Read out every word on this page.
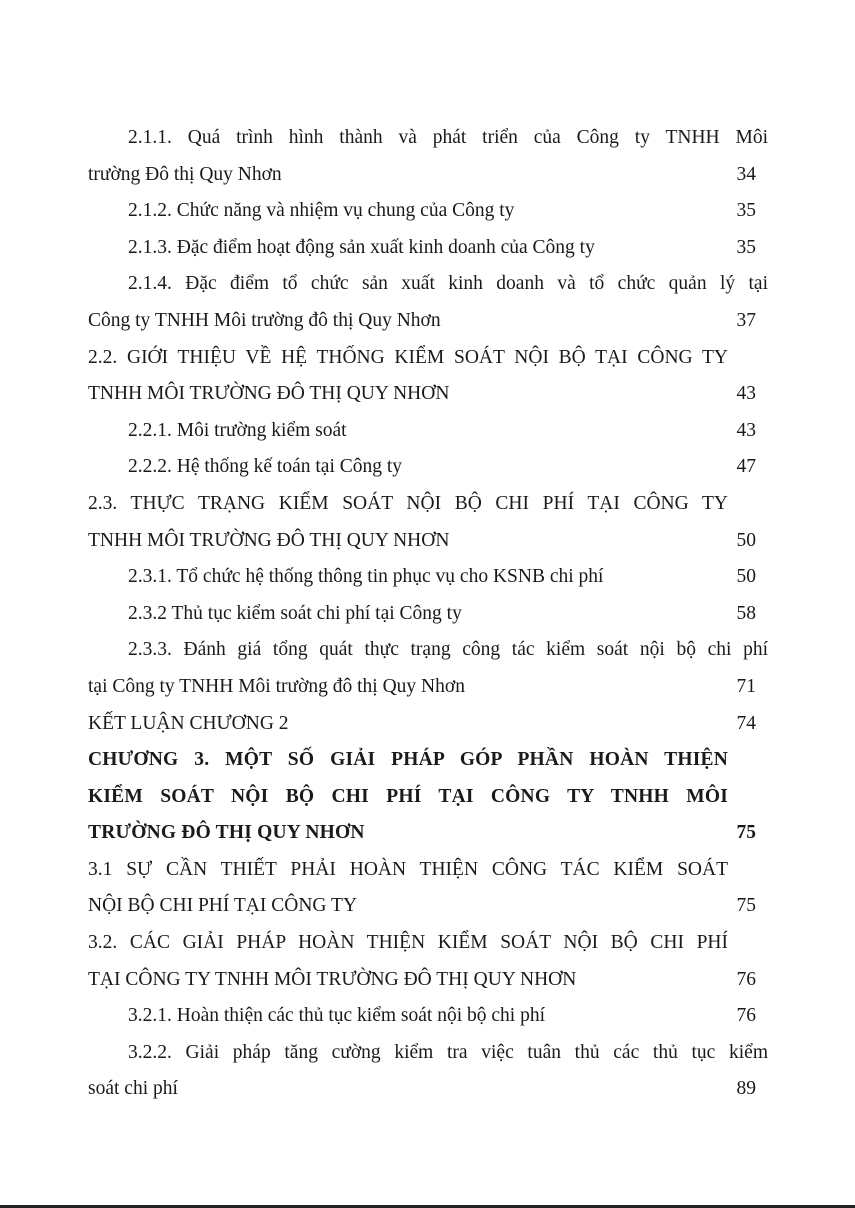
2.1.1. Quá trình hình thành và phát triển của Công ty TNHH Môi
trường Đô thị Quy Nhơn	34
2.1.2. Chức năng và nhiệm vụ chung của Công ty	35
2.1.3. Đặc điểm hoạt động sản xuất kinh doanh của Công ty	35
2.1.4. Đặc điểm tổ chức sản xuất kinh doanh và tổ chức quản lý tại
Công ty TNHH Môi trường đô thị Quy Nhơn	37
2.2. GIỚI THIỆU VỀ HỆ THỐNG KIỂM SOÁT NỘI BỘ TẠI CÔNG TY
TNHH MÔI TRƯỜNG ĐÔ THỊ QUY NHƠN	43
2.2.1. Môi trường kiểm soát	43
2.2.2. Hệ thống kế toán tại Công ty	47
2.3. THỰC TRẠNG KIỂM SOÁT NỘI BỘ CHI PHÍ TẠI CÔNG TY
TNHH MÔI TRƯỜNG ĐÔ THỊ QUY NHƠN	50
2.3.1. Tổ chức hệ thống thông tin phục vụ cho KSNB chi phí	50
2.3.2 Thủ tục kiểm soát chi phí tại Công ty	58
2.3.3. Đánh giá tổng quát thực trạng công tác kiểm soát nội bộ chi phí
tại Công ty TNHH Môi trường đô thị Quy Nhơn	71
KẾT LUẬN CHƯƠNG 2	74
CHƯƠNG 3. MỘT SỐ GIẢI PHÁP GÓP PHẦN HOÀN THIỆN
KIỂM SOÁT NỘI BỘ CHI PHÍ TẠI CÔNG TY TNHH MÔI
TRƯỜNG ĐÔ THỊ QUY NHƠN	75
3.1 SỰ CẦN THIẾT PHẢI HOÀN THIỆN CÔNG TÁC KIỂM SOÁT
NỘI BỘ CHI PHÍ TẠI CÔNG TY	75
3.2. CÁC GIẢI PHÁP HOÀN THIỆN KIỂM SOÁT NỘI BỘ CHI PHÍ
TẠI CÔNG TY TNHH MÔI TRƯỜNG ĐÔ THỊ QUY NHƠN	76
3.2.1. Hoàn thiện các thủ tục kiểm soát nội bộ chi phí	76
3.2.2. Giải pháp tăng cường kiểm tra việc tuân thủ các thủ tục kiểm
soát chi phí	89
